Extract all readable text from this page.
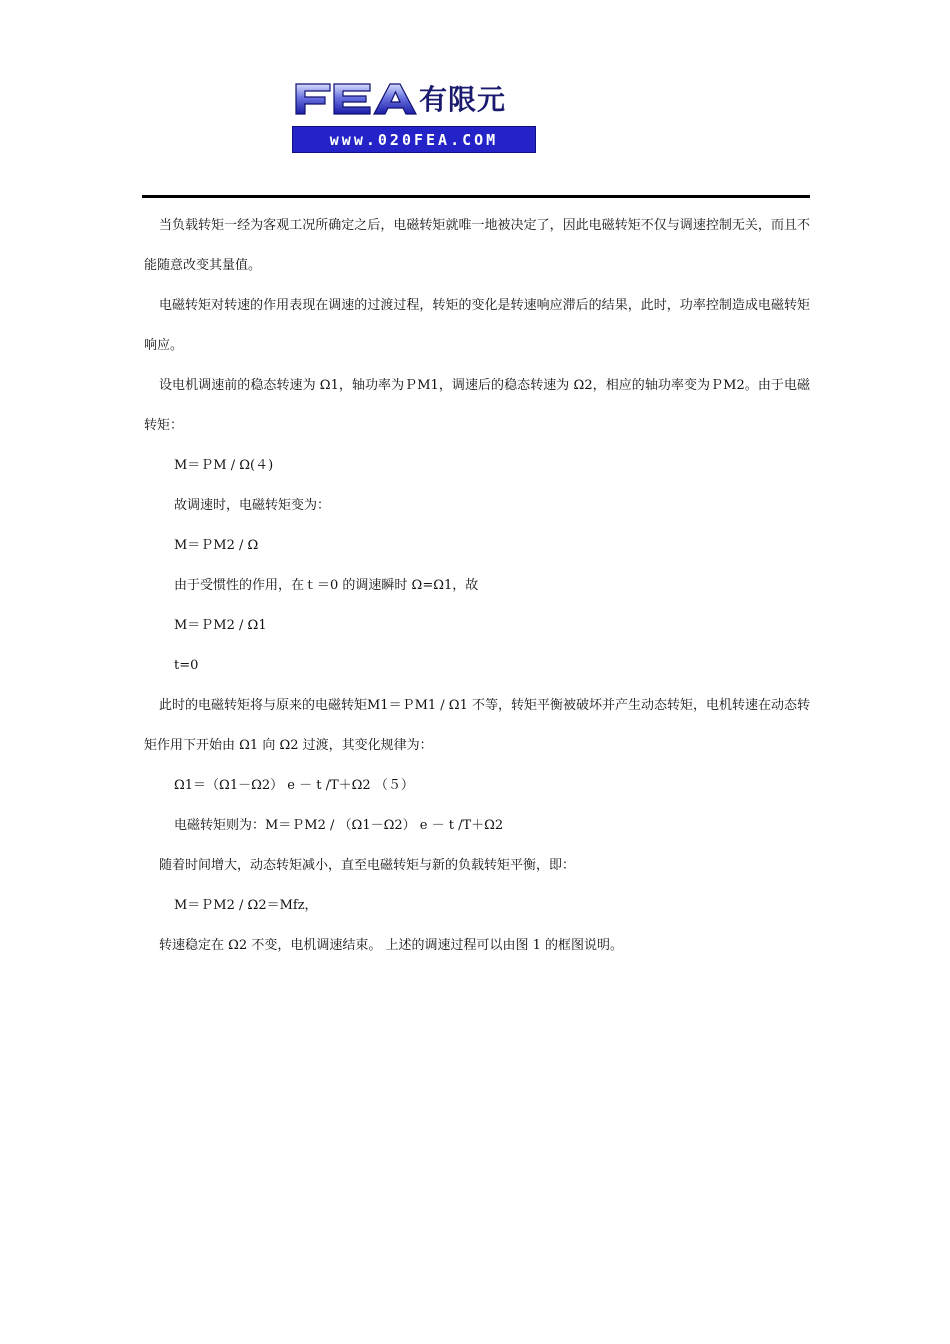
有限元
www.020FEA.COM

当负载转矩一经为客观工况所确定之后，电磁转矩就唯一地被决定了，因此电磁转矩不仅与调速控制无关，而且不能随意改变其量值。

电磁转矩对转速的作用表现在调速的过渡过程，转矩的变化是转速响应滞后的结果，此时，功率控制造成电磁转矩响应。

设电机调速前的稳态转速为 Ω1，轴功率为ＰM1，调速后的稳态转速为 Ω2，相应的轴功率变为ＰM2。由于电磁转矩：

M＝ＰM / Ω(４)

故调速时，电磁转矩变为：

M＝ＰM2 / Ω

由于受惯性的作用，在ｔ＝0 的调速瞬时 Ω=Ω1，故

M＝ＰM2 / Ω1

t=0

此时的电磁转矩将与原来的电磁转矩M1＝ＰM1 / Ω1 不等，转矩平衡被破坏并产生动态转矩，电机转速在动态转矩作用下开始由 Ω1 向 Ω2 过渡，其变化规律为：

Ω1＝（Ω1－Ω2） e － t /T＋Ω2 （５）

电磁转矩则为：M＝ＰM2 / （Ω1－Ω2） e － t /T＋Ω2

随着时间增大，动态转矩减小，直至电磁转矩与新的负载转矩平衡，即：

M＝ＰM2 / Ω2＝Mfz，

转速稳定在 Ω2 不变，电机调速结束。 上述的调速过程可以由图 1 的框图说明。
